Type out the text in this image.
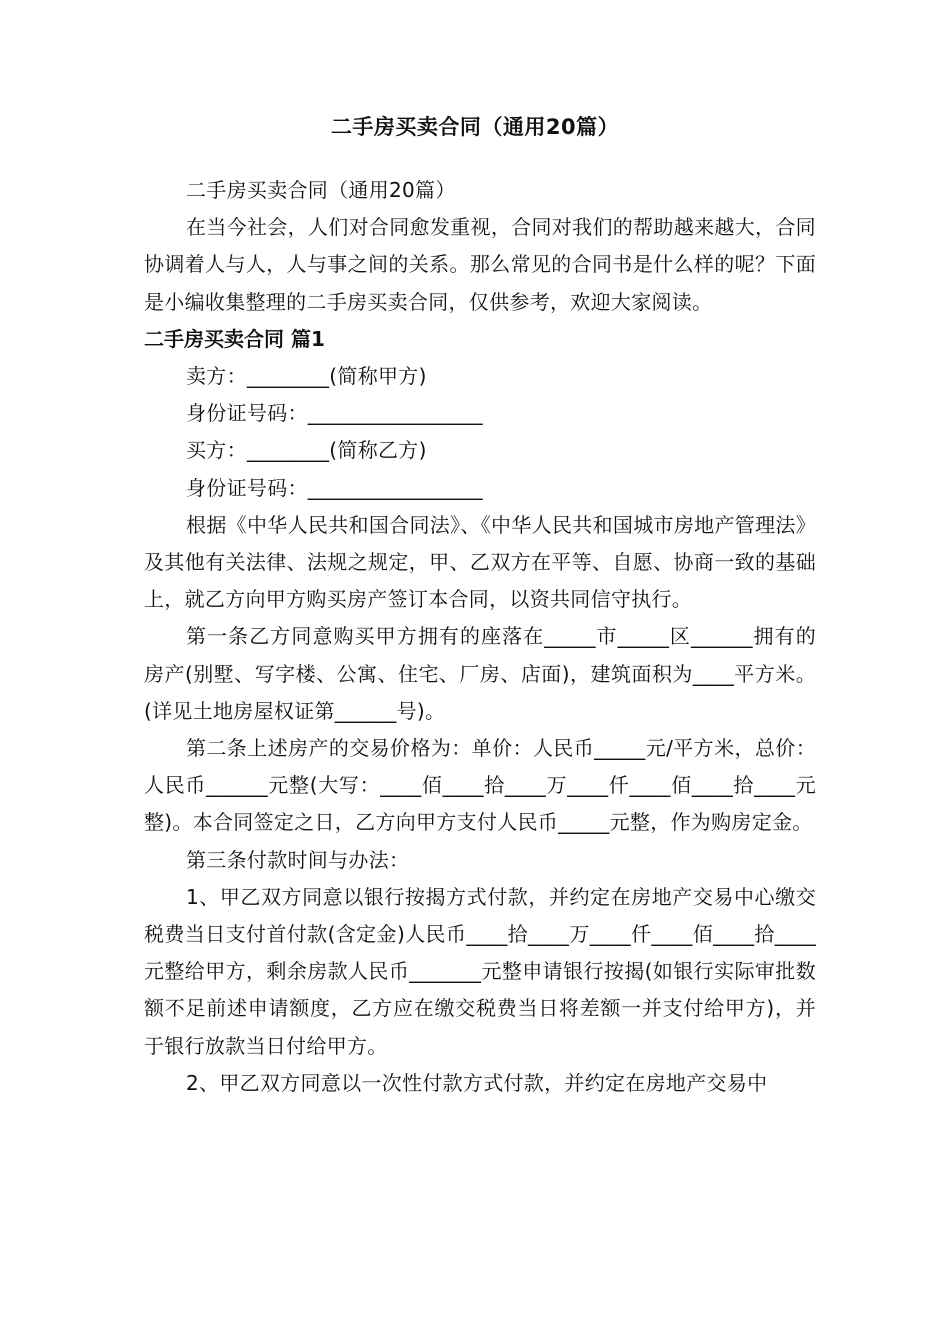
二手房买卖合同（通用20篇）

二手房买卖合同（通用20篇）

在当今社会，人们对合同愈发重视，合同对我们的帮助越来越大，合同协调着人与人，人与事之间的关系。那么常见的合同书是什么样的呢？下面是小编收集整理的二手房买卖合同，仅供参考，欢迎大家阅读。

二手房买卖合同 篇1

卖方：________(简称甲方)

身份证号码：_________________

买方：________(简称乙方)

身份证号码：_________________

根据《中华人民共和国合同法》、《中华人民共和国城市房地产管理法》及其他有关法律、法规之规定，甲、乙双方在平等、自愿、协商一致的基础上，就乙方向甲方购买房产签订本合同，以资共同信守执行。

第一条乙方同意购买甲方拥有的座落在_____市_____区______拥有的房产(别墅、写字楼、公寓、住宅、厂房、店面)，建筑面积为____平方米。(详见土地房屋权证第______号)。

第二条上述房产的交易价格为：单价：人民币_____元/平方米，总价：人民币______元整(大写：____佰____拾____万____仟____佰____拾____元整)。本合同签定之日，乙方向甲方支付人民币_____元整，作为购房定金。

第三条付款时间与办法：

1、甲乙双方同意以银行按揭方式付款，并约定在房地产交易中心缴交税费当日支付首付款(含定金)人民币____拾____万____仟____佰____拾____元整给甲方，剩余房款人民币_______元整申请银行按揭(如银行实际审批数额不足前述申请额度，乙方应在缴交税费当日将差额一并支付给甲方)，并于银行放款当日付给甲方。

2、甲乙双方同意以一次性付款方式付款，并约定在房地产交易中
